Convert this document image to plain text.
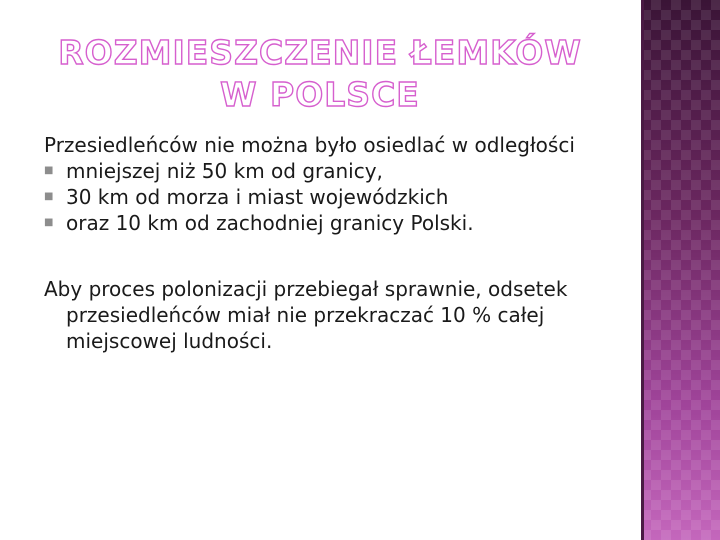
ROZMIESZCZENIE ŁEMKÓW
W POLSCE

Przesiedleńców nie można było osiedlać w odległości

■ mniejszej niż 50 km od granicy,
■ 30 km od morza i miast wojewódzkich
■ oraz 10 km od zachodniej granicy Polski.

Aby proces polonizacji przebiegał sprawnie, odsetek przesiedleńców miał nie przekraczać 10 % całej miejscowej ludności.
